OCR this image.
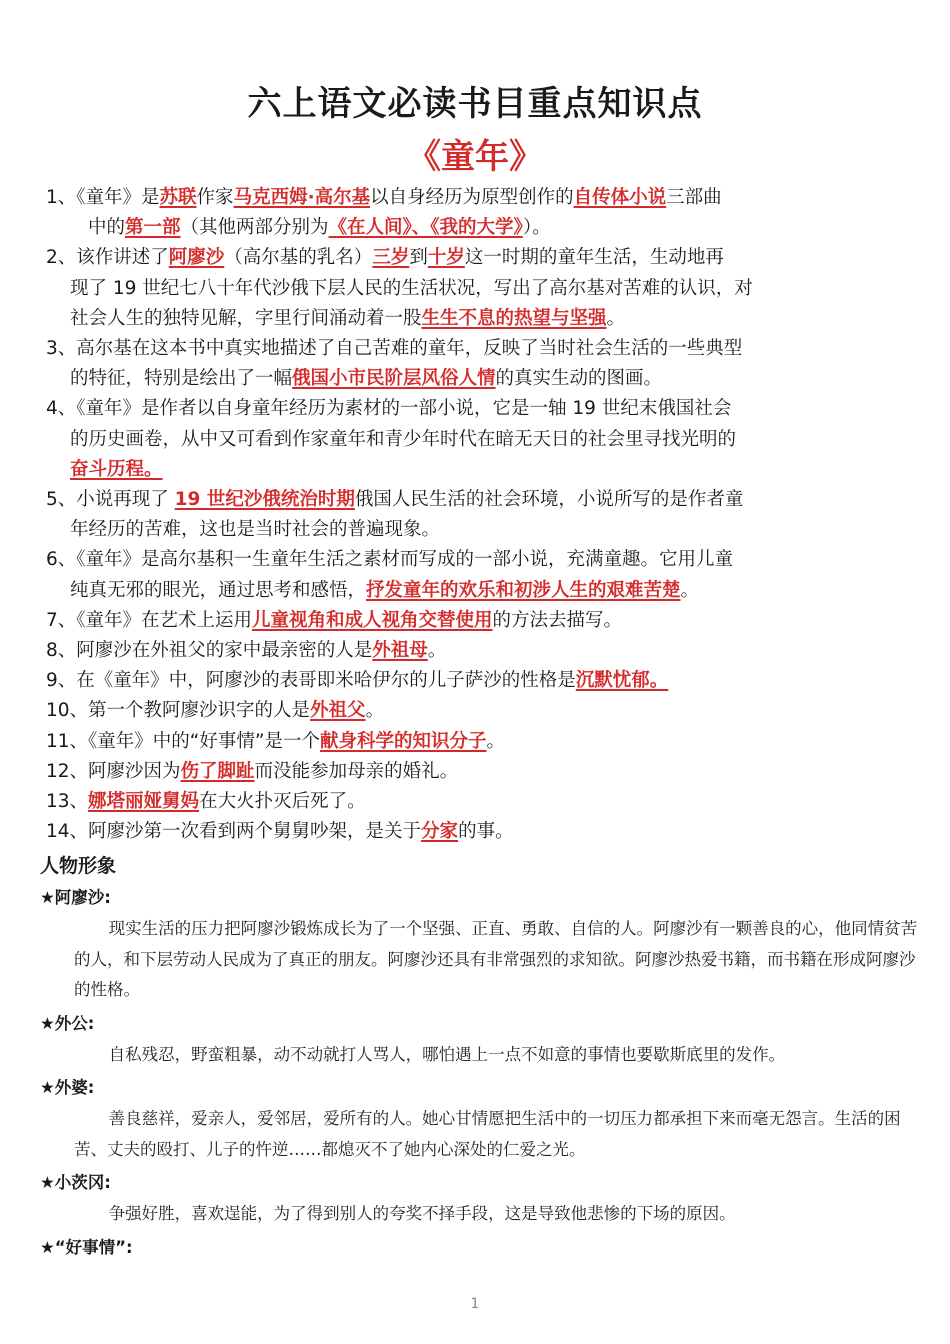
六上语文必读书目重点知识点
《童年》
1、《童年》是苏联作家马克西姆·高尔基以自身经历为原型创作的自传体小说三部曲
中的第一部（其他两部分别为《在人间》、《我的大学》）。
2、该作讲述了阿廖沙（高尔基的乳名）三岁到十岁这一时期的童年生活，生动地再
现了 19 世纪七八十年代沙俄下层人民的生活状况，写出了高尔基对苦难的认识，对
社会人生的独特见解，字里行间涌动着一股生生不息的热望与坚强。
3、高尔基在这本书中真实地描述了自己苦难的童年，反映了当时社会生活的一些典型
的特征，特别是绘出了一幅俄国小市民阶层风俗人情的真实生动的图画。
4、《童年》是作者以自身童年经历为素材的一部小说，它是一轴 19 世纪末俄国社会
的历史画卷，从中又可看到作家童年和青少年时代在暗无天日的社会里寻找光明的
奋斗历程。
5、小说再现了 19 世纪沙俄统治时期俄国人民生活的社会环境，小说所写的是作者童
年经历的苦难，这也是当时社会的普遍现象。
6、《童年》是高尔基积一生童年生活之素材而写成的一部小说，充满童趣。它用儿童
纯真无邪的眼光，通过思考和感悟，抒发童年的欢乐和初涉人生的艰难苦楚。
7、《童年》在艺术上运用儿童视角和成人视角交替使用的方法去描写。
8、阿廖沙在外祖父的家中最亲密的人是外祖母。
9、在《童年》中，阿廖沙的表哥即米哈伊尔的儿子萨沙的性格是沉默忧郁。
10、第一个教阿廖沙识字的人是外祖父。
11、《童年》中的“好事情”是一个献身科学的知识分子。
12、阿廖沙因为伤了脚趾而没能参加母亲的婚礼。
13、娜塔丽娅舅妈在大火扑灭后死了。
14、阿廖沙第一次看到两个舅舅吵架，是关于分家的事。
人物形象
★阿廖沙:

现实生活的压力把阿廖沙锻炼成长为了一个坚强、正直、勇敢、自信的人。阿廖沙有一颗善良的心，他同情贫苦的人，和下层劳动人民成为了真正的朋友。阿廖沙还具有非常强烈的求知欲。阿廖沙热爱书籍，而书籍在形成阿廖沙的性格。

★外公:

自私残忍，野蛮粗暴，动不动就打人骂人，哪怕遇上一点不如意的事情也要歇斯底里的发作。

★外婆:

善良慈祥，爱亲人，爱邻居，爱所有的人。她心甘情愿把生活中的一切压力都承担下来而毫无怨言。生活的困苦、丈夫的殴打、儿子的忤逆……都熄灭不了她内心深处的仁爱之光。

★小茨冈:

争强好胜，喜欢逞能，为了得到别人的夸奖不择手段，这是导致他悲惨的下场的原因。

★“好事情”:
1
